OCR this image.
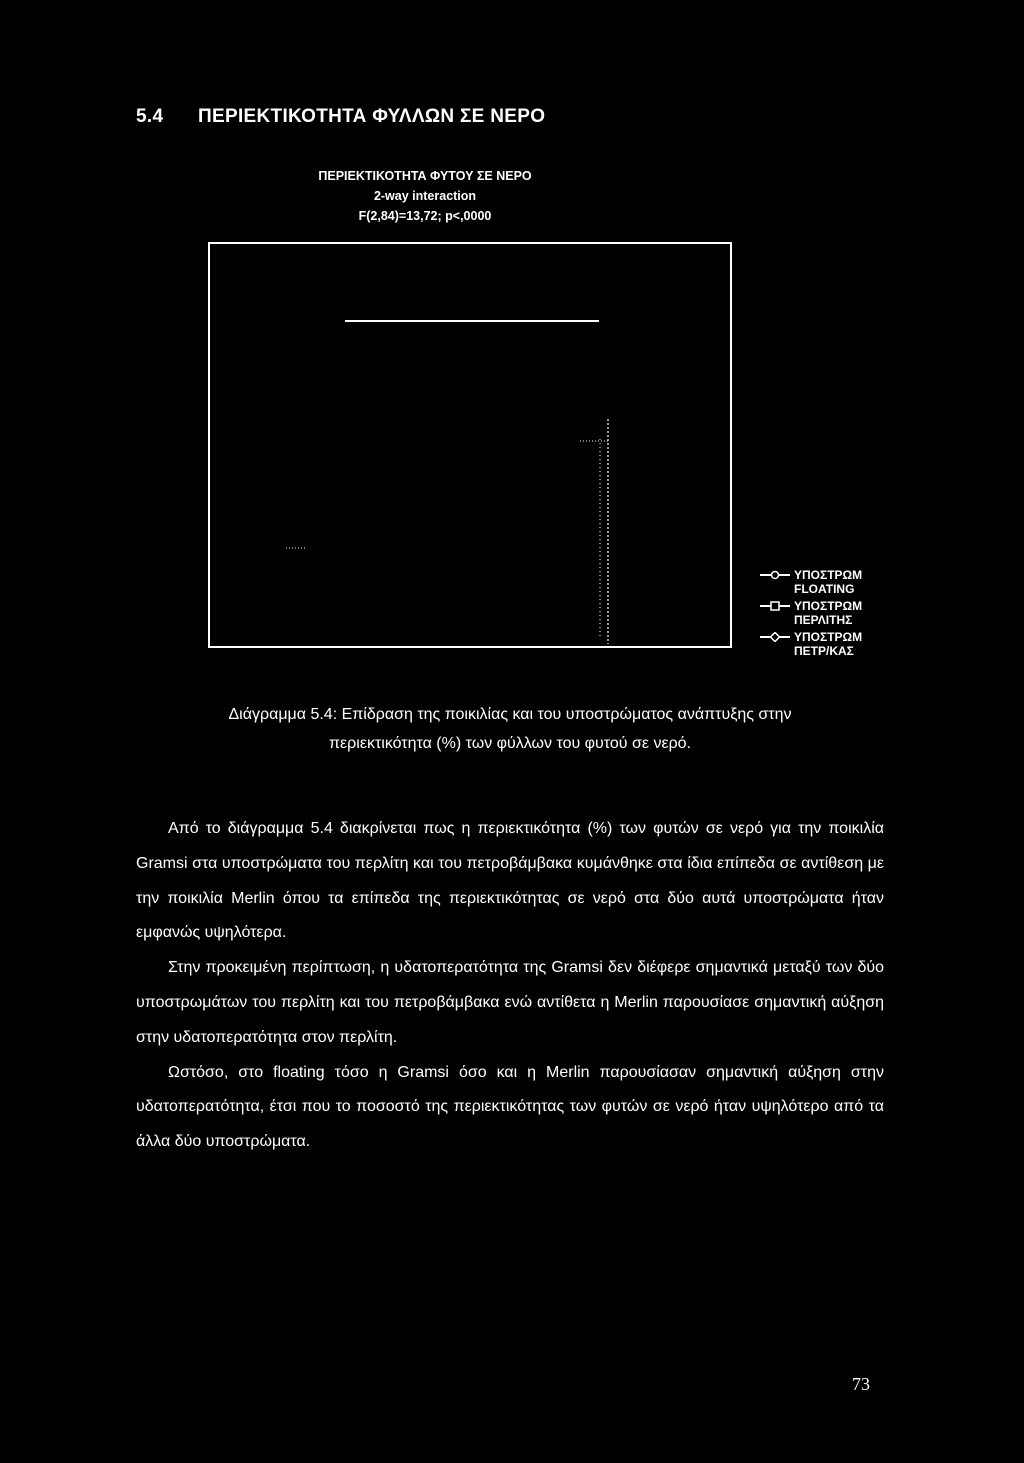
5.4 ΠΕΡΙΕΚΤΙΚΟΤΗΤΑ ΦΥΛΛΩΝ ΣΕ ΝΕΡΟ
ΠΕΡΙΕΚΤΙΚΟΤΗΤΑ ΦΥΤΟΥ ΣΕ ΝΕΡΟ
2-way interaction
F(2,84)=13,72; p<,0000
ΥΠΟΣΤΡΩΜ
FLOATING
ΥΠΟΣΤΡΩΜ
ΠΕΡΛΙΤΗΣ
ΥΠΟΣΤΡΩΜ
ΠΕΤΡ/ΚΑΣ

Διάγραμμα 5.4: Επίδραση της ποικιλίας και του υποστρώματος ανάπτυξης στην

περιεκτικότητα (%) των φύλλων του φυτού σε νερό.

Από το διάγραμμα 5.4 διακρίνεται πως η περιεκτικότητα (%) των φυτών σε νερό για την ποικιλία Gramsi στα υποστρώματα του περλίτη και του πετροβάμβακα κυμάνθηκε στα ίδια επίπεδα σε αντίθεση με την ποικιλία Merlin όπου τα επίπεδα της περιεκτικότητας σε νερό στα δύο αυτά υποστρώματα ήταν εμφανώς υψηλότερα.

Στην προκειμένη περίπτωση, η υδατοπερατότητα της Gramsi δεν διέφερε σημαντικά μεταξύ των δύο υποστρωμάτων του περλίτη και του πετροβάμβακα ενώ αντίθετα η Merlin παρουσίασε σημαντική αύξηση στην υδατοπερατότητα στον περλίτη.

Ωστόσο, στο floating τόσο η Gramsi όσο και η Merlin παρουσίασαν σημαντική αύξηση στην υδατοπερατότητα, έτσι που το ποσοστό της περιεκτικότητας των φυτών σε νερό ήταν υψηλότερο από τα άλλα δύο υποστρώματα.

73
